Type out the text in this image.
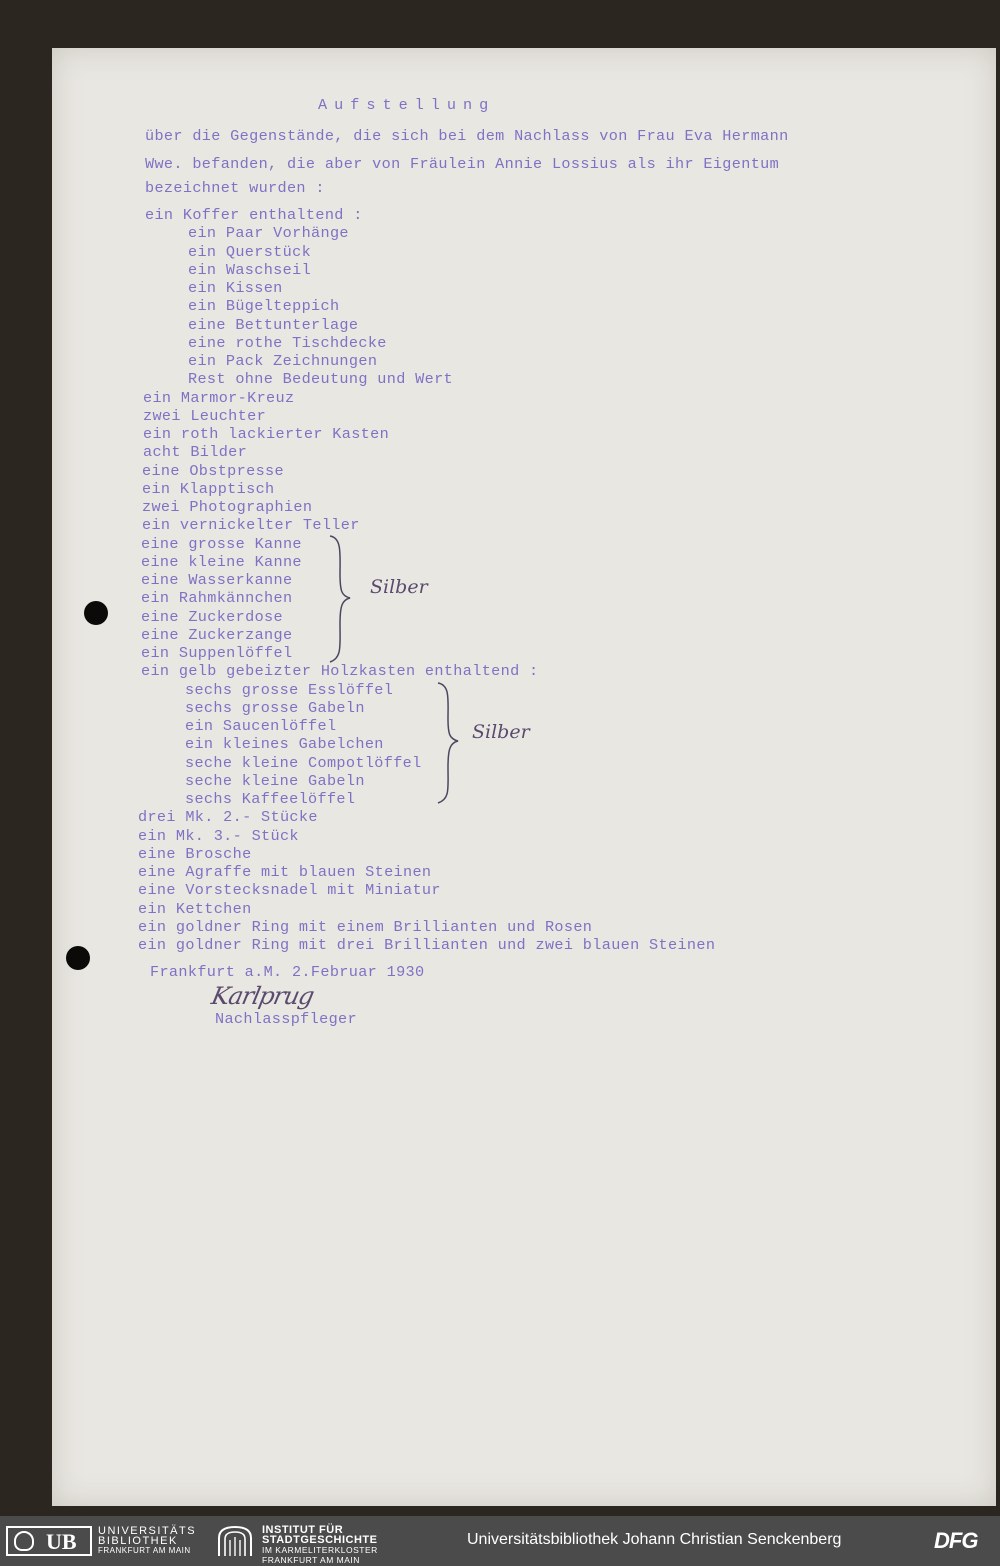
Aufstellung
über die Gegenstände, die sich bei dem Nachlass von Frau Eva Hermann
Wwe. befanden, die aber von Fräulein Annie Lossius als ihr Eigentum
bezeichnet wurden :
ein Koffer enthaltend :
ein Paar Vorhänge
ein Querstück
ein Waschseil
ein Kissen
ein Bügelteppich
eine Bettunterlage
eine rothe Tischdecke
ein Pack Zeichnungen
Rest ohne Bedeutung und Wert
ein Marmor-Kreuz
zwei Leuchter
ein roth lackierter Kasten
acht Bilder
eine Obstpresse
ein Klapptisch
zwei Photographien
ein vernickelter Teller
eine grosse Kanne
eine kleine Kanne
eine Wasserkanne
ein Rahmkännchen
eine Zuckerdose
eine Zuckerzange
ein Suppenlöffel
ein gelb gebeizter Holzkasten enthaltend :
sechs grosse Esslöffel
sechs grosse Gabeln
ein Saucenlöffel
ein kleines Gabelchen
seche kleine Compotlöffel
seche kleine Gabeln
sechs Kaffeelöffel
drei Mk. 2.- Stücke
ein Mk. 3.- Stück
eine Brosche
eine Agraffe mit blauen Steinen
eine Vorstecksnadel mit Miniatur
ein Kettchen
ein goldner Ring mit einem Brillianten und Rosen
ein goldner Ring mit drei Brillianten und zwei blauen Steinen
Silber
Silber
Frankfurt a.M. 2.Februar 1930
Karlprug
Nachlasspfleger
UB UNIVERSITÄTS
BIBLIOTHEK
FRANKFURT AM MAIN
INSTITUT FÜR
STADTGESCHICHTE
IM KARMELITERKLOSTER
FRANKFURT AM MAIN
Universitätsbibliothek Johann Christian Senckenberg	DFG
